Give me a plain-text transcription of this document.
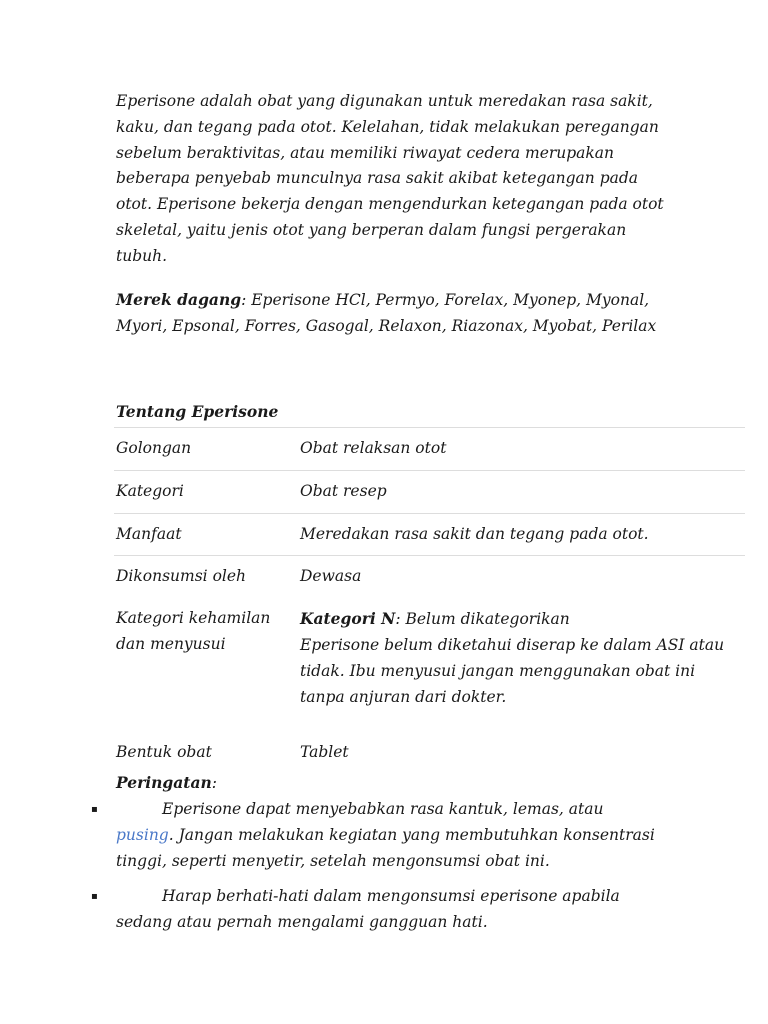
Eperisone adalah obat yang digunakan untuk meredakan rasa sakit, kaku, dan tegang pada otot. Kelelahan, tidak melakukan peregangan sebelum beraktivitas, atau memiliki riwayat cedera merupakan beberapa penyebab munculnya rasa sakit akibat ketegangan pada otot. Eperisone bekerja dengan mengendurkan ketegangan pada otot skeletal, yaitu jenis otot yang berperan dalam fungsi pergerakan tubuh.

Merek dagang: Eperisone HCl, Permyo, Forelax, Myonep, Myonal, Myori, Epsonal, Forres, Gasogal, Relaxon, Riazonax, Myobat, Perilax

Tentang Eperisone
Golongan	Obat relaksan otot
Kategori	Obat resep
Manfaat	Meredakan rasa sakit dan tegang pada otot.
Dikonsumsi oleh	Dewasa
Kategori kehamilan dan menyusui	Kategori N: Belum dikategorikan
Eperisone belum diketahui diserap ke dalam ASI atau tidak. Ibu menyusui jangan menggunakan obat ini tanpa anjuran dari dokter.

Bentuk obat	Tablet
Peringatan:

▪	Eperisone dapat menyebabkan rasa kantuk, lemas, atau pusing. Jangan melakukan kegiatan yang membutuhkan konsentrasi tinggi, seperti menyetir, setelah mengonsumsi obat ini.

▪	Harap berhati-hati dalam mengonsumsi eperisone apabila sedang atau pernah mengalami gangguan hati.
